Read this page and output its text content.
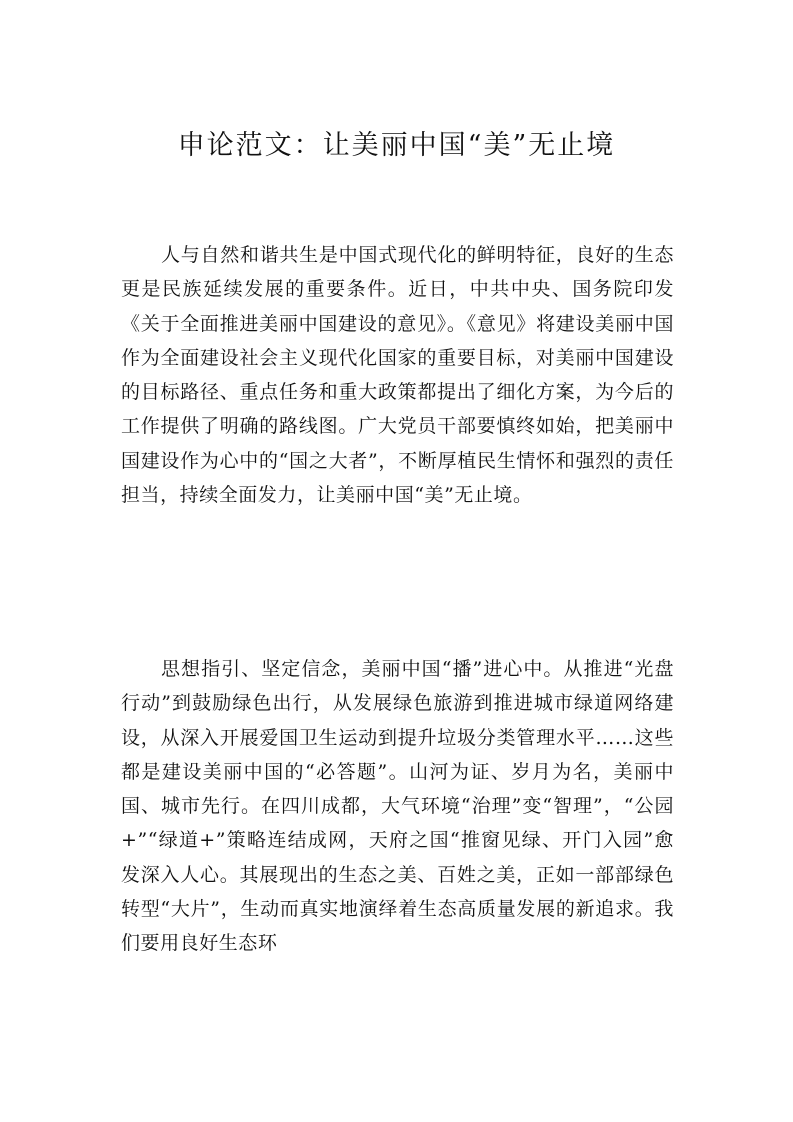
申论范文：让美丽中国“美”无止境

人与自然和谐共生是中国式现代化的鲜明特征，良好的生态更是民族延续发展的重要条件。近日，中共中央、国务院印发《关于全面推进美丽中国建设的意见》。《意见》将建设美丽中国作为全面建设社会主义现代化国家的重要目标，对美丽中国建设的目标路径、重点任务和重大政策都提出了细化方案，为今后的工作提供了明确的路线图。广大党员干部要慎终如始，把美丽中国建设作为心中的“国之大者”，不断厚植民生情怀和强烈的责任担当，持续全面发力，让美丽中国“美”无止境。

思想指引、坚定信念，美丽中国“播”进心中。从推进“光盘行动”到鼓励绿色出行，从发展绿色旅游到推进城市绿道网络建设，从深入开展爱国卫生运动到提升垃圾分类管理水平……这些都是建设美丽中国的“必答题”。山河为证、岁月为名，美丽中国、城市先行。在四川成都，大气环境“治理”变“智理”，“公园+”“绿道+”策略连结成网，天府之国“推窗见绿、开门入园”愈发深入人心。其展现出的生态之美、百姓之美，正如一部部绿色转型“大片”，生动而真实地演绎着生态高质量发展的新追求。我们要用良好生态环
